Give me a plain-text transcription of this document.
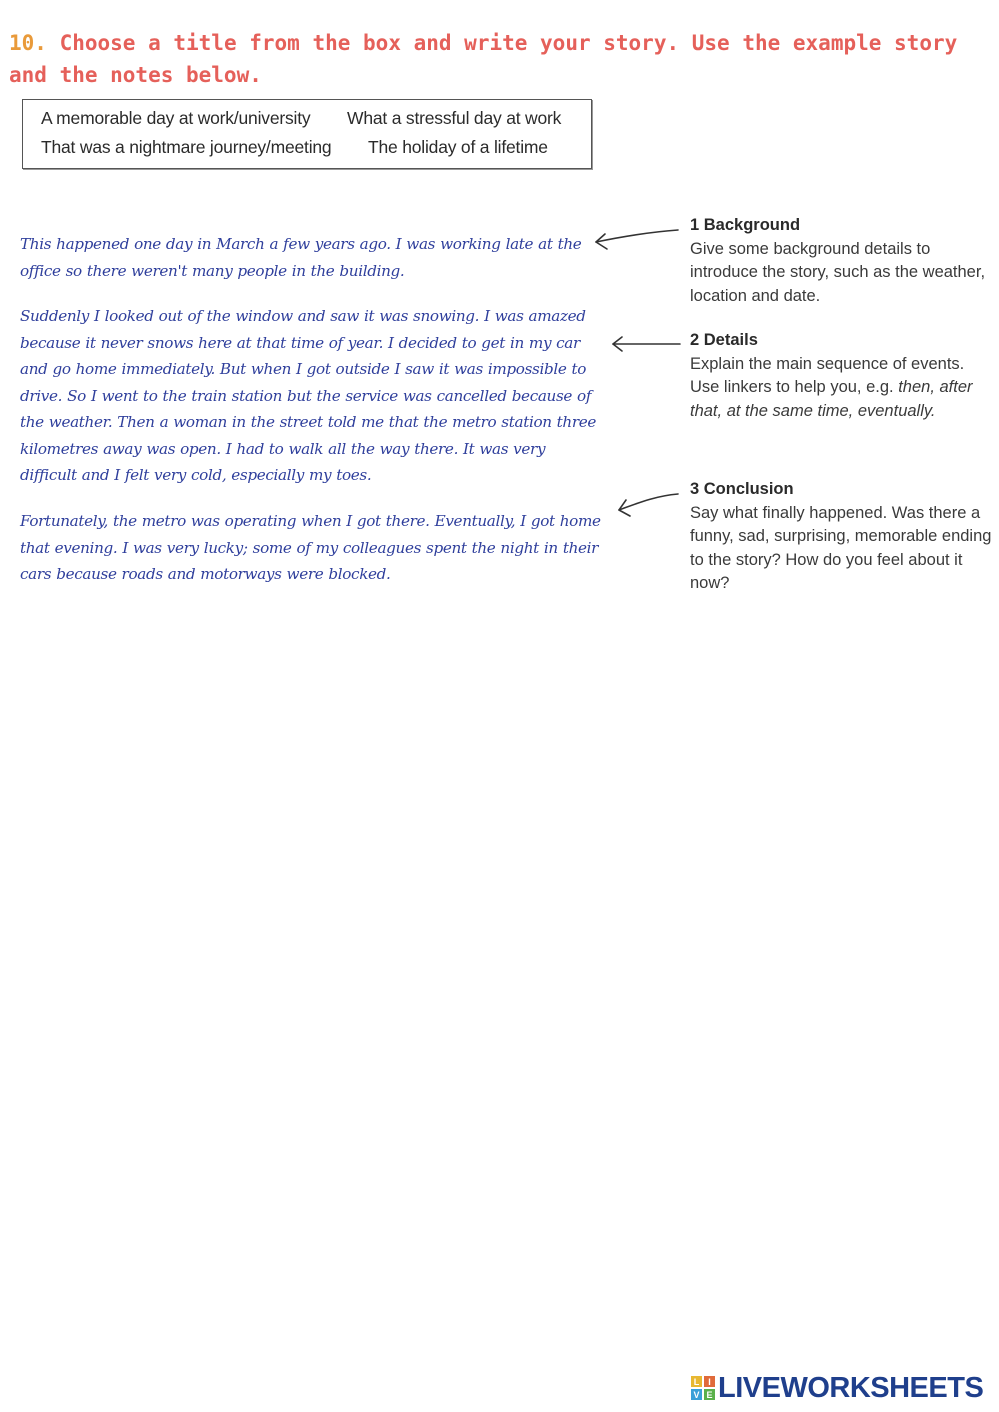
10. Choose a title from the box and write your story. Use the example story and the notes below.

A memorable day at work/university What a stressful day at work
That was a nightmare journey/meeting The holiday of a lifetime

This happened one day in March a few years ago. I was working late at the office so there weren't many people in the building.

Suddenly I looked out of the window and saw it was snowing. I was amazed because it never snows here at that time of year. I decided to get in my car and go home immediately. But when I got outside I saw it was impossible to drive. So I went to the train station but the service was cancelled because of the weather. Then a woman in the street told me that the metro station three kilometres away was open. I had to walk all the way there. It was very difficult and I felt very cold, especially my toes.

Fortunately, the metro was operating when I got there. Eventually, I got home that evening. I was very lucky; some of my colleagues spent the night in their cars because roads and motorways were blocked.

1 Background
Give some background details to introduce the story, such as the weather, location and date.
2 Details
Explain the main sequence of events. Use linkers to help you, e.g. then, after that, at the same time, eventually.
3 Conclusion
Say what finally happened. Was there a funny, sad, surprising, memorable ending to the story? How do you feel about it now?
L I
V E LIVEWORKSHEETS
